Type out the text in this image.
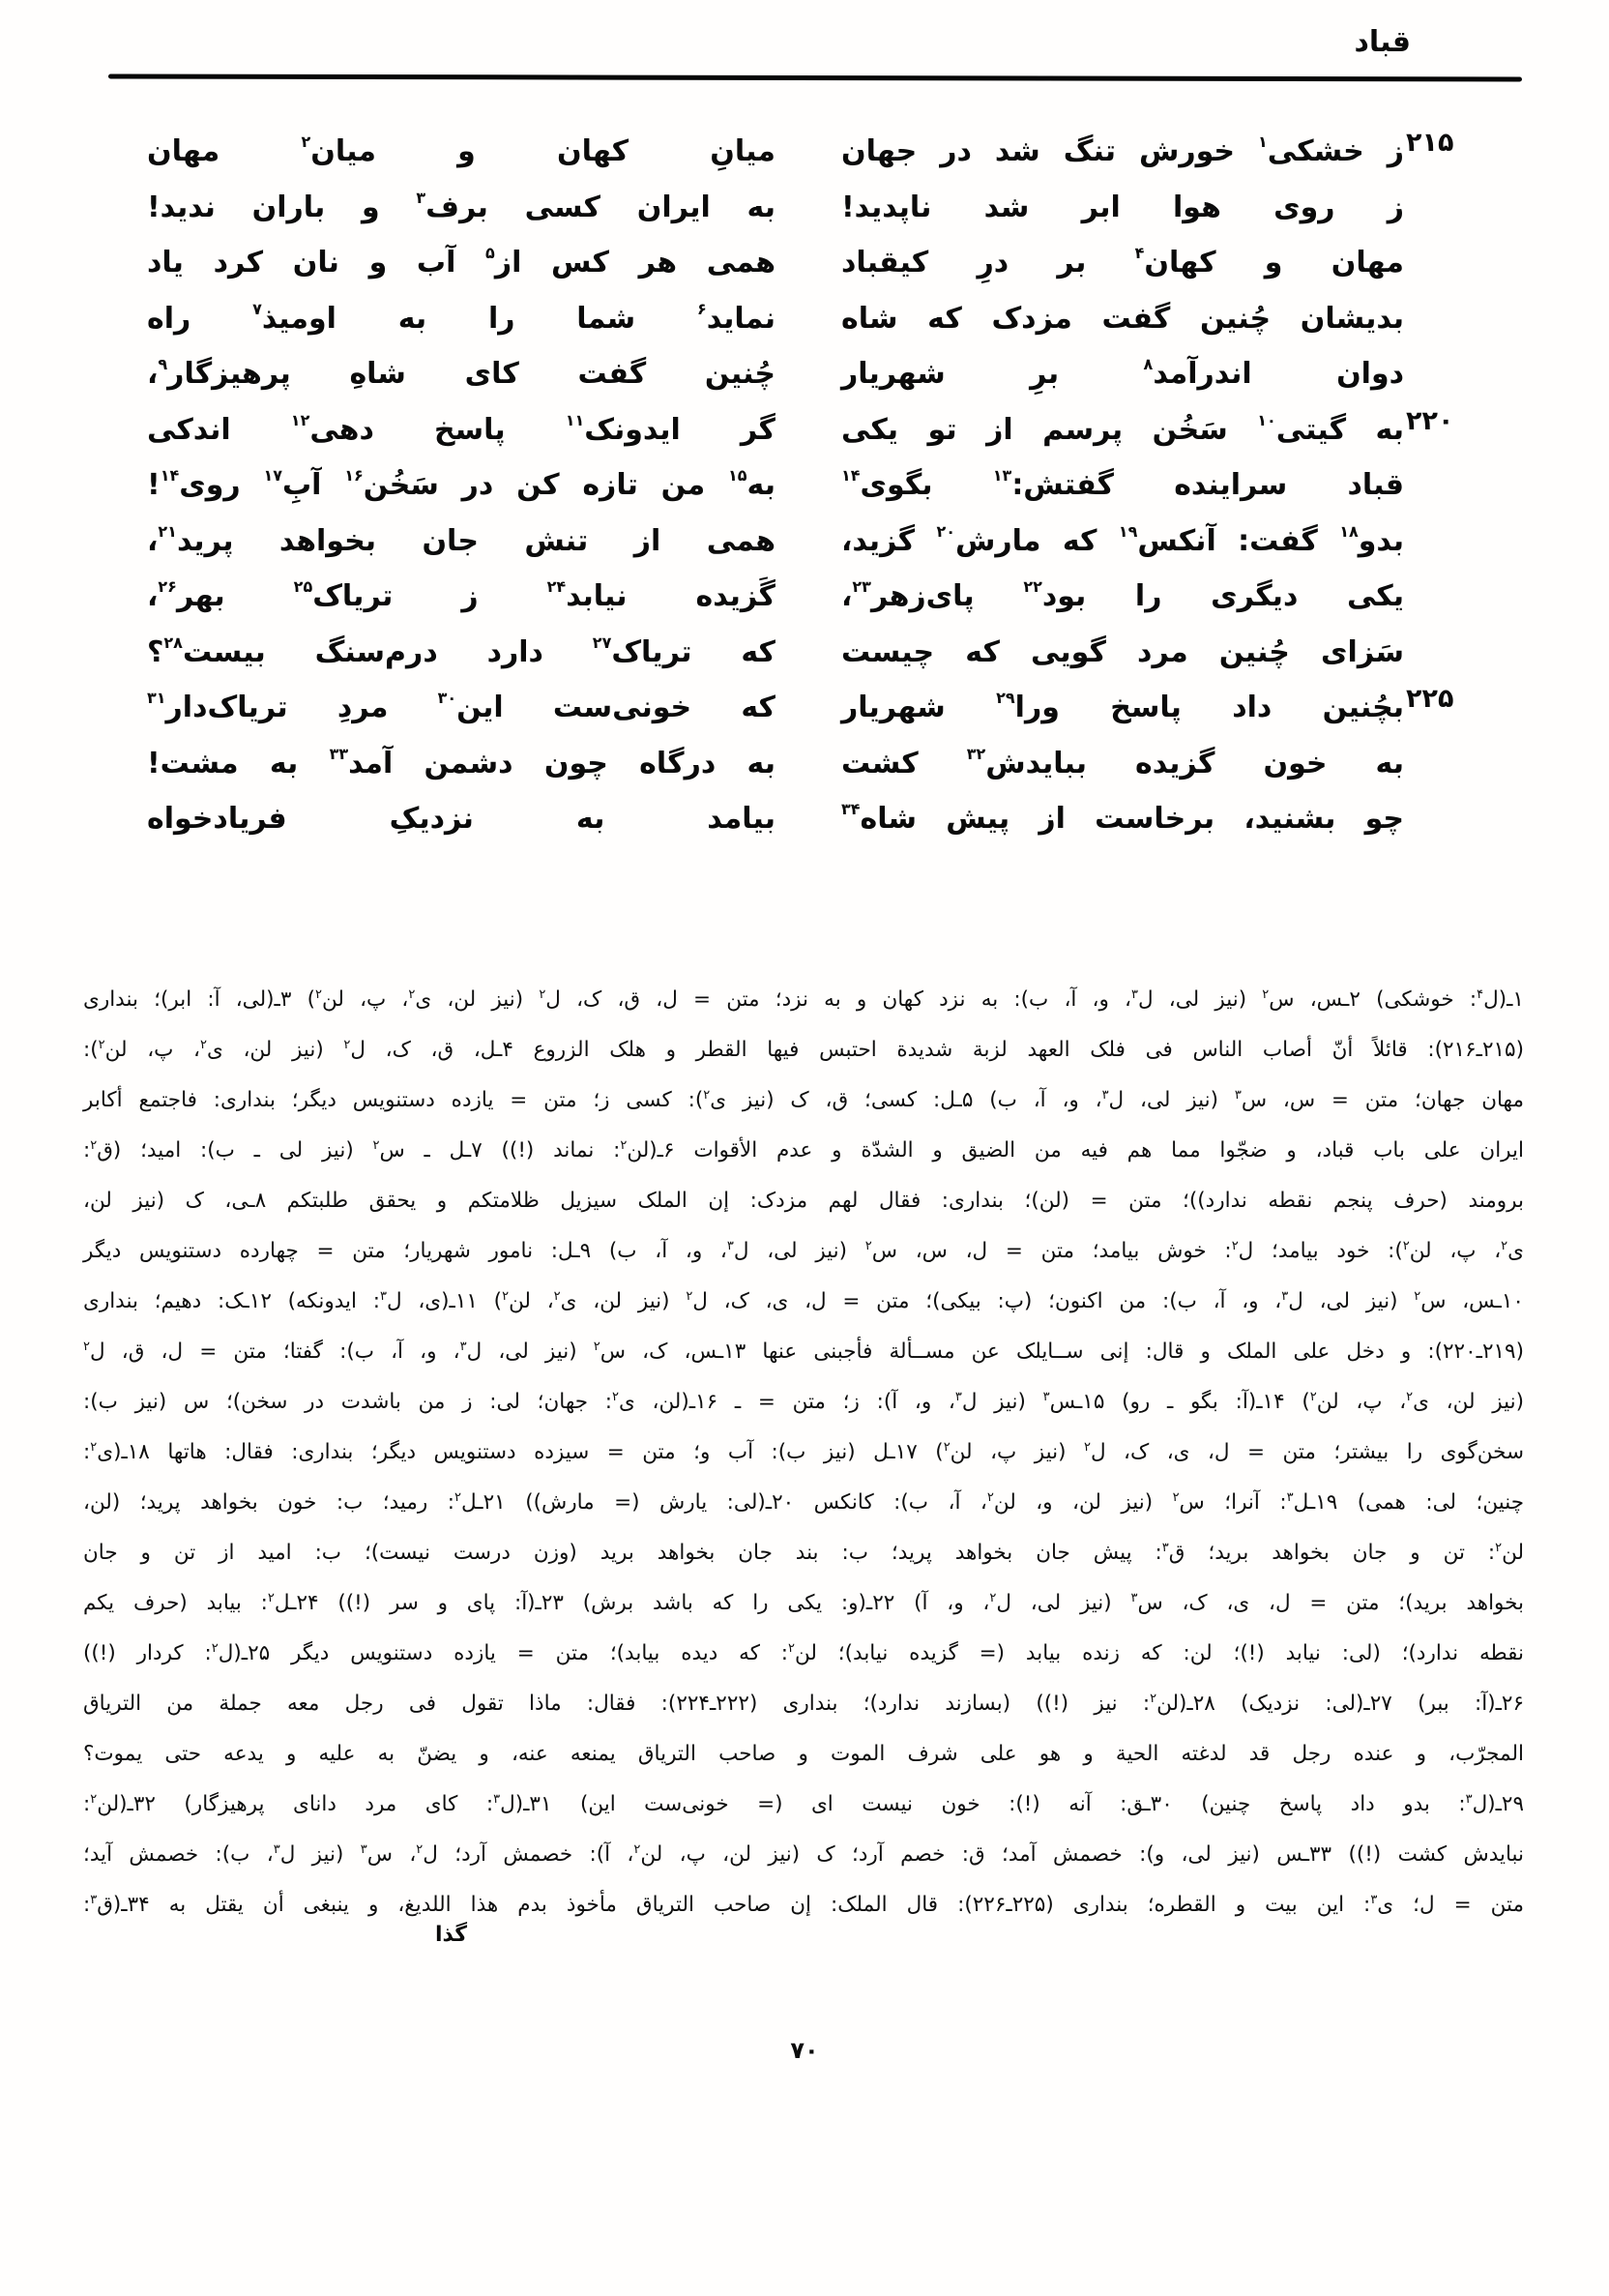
قباد
۲۱۵
۲۲۰
۲۲۵
ز خشکی$^۱$ خورش تنگ شد در جهان
ز روی هوا ابر شد ناپدید!
مهان و کهان$^۴$ بر درِ کیقباد
بدیشان چُنین گفت مزدک که شاه
دوان اندرآمد$^۸$ برِ شهریار
به گیتی$^{۱۰}$ سَخُن پرسم از تو یکی
قباد سراینده گفتش:$^{۱۳}$ بگوی$^{۱۴}$
بدو$^{۱۸}$ گفت: آنکس$^{۱۹}$ که مارش$^{۲۰}$ گزید،
یکی دیگری را بود$^{۲۲}$ پای‌زهر$^{۲۳}$،
سَزای چُنین مرد گویی که چیست
بچُنین داد پاسخ ورا$^{۲۹}$ شهریار
به خون گزیده ببایدش$^{۳۲}$ کشت
چو بشنید، برخاست از پیش شاه$^{۳۴}$
میانِ کهان و میان$^۲$ مهان
به ایران کسی برف$^۳$ و باران ندید!
همی هر کس از$^۵$ آب و نان کرد یاد
نماید$^۶$ شما را به اومیذ$^۷$ راه
چُنین گفت کای شاهِ پرهیزگار$^۹$،
گر ایدونک$^{۱۱}$ پاسخ دهی$^{۱۲}$ اندکی
به$^{۱۵}$ من تازه کن در سَخُن$^{۱۶}$ آبِ$^{۱۷}$ روی$^{۱۴}$!
همی از تنش جان بخواهد پرید$^{۲۱}$،
گَزیده نیابد$^{۲۴}$ ز تریاک$^{۲۵}$ بهر$^{۲۶}$،
که تریاک$^{۲۷}$ دارد درم‌سنگ بیست$^{۲۸}$؟
که خونی‌ست این$^{۳۰}$ مردِ تریاک‌دار$^{۳۱}$
به درگاه چون دشمن آمد$^{۳۳}$ به مشت!
بیامد به نزدیکِ فریادخواه
۱ـ(ل$^۴$: خوشکی) ۲ـس، س$^۲$ (نیز لی، ل$^۳$، و، آ، ب): به نزد کهان و به نزد؛ متن = ل، ق، ک، ل$^۲$ (نیز لن، ی$^۲$، پ، لن$^۲$) ۳ـ(لی، آ: ابر)؛ بنداری
(۲۱۵ـ۲۱۶): قائلاً أنّ أصاب الناس فی فلک العهد لزبة شدیدة احتبس فیها القطر و هلک الزروع ۴ـل، ق، ک، ل$^۲$ (نیز لن، ی$^۲$، پ، لن$^۲$):
مهان جهان؛ متن = س، س$^۳$ (نیز لی، ل$^۳$، و، آ، ب) ۵ـل: کسی؛ ق، ک (نیز ی$^۲$): کسی ز؛ متن = یازده دستنویس دیگر؛ بنداری: فاجتمع أکابر
ایران علی باب قباد، و ضجّوا مما هم فیه من الضیق و الشدّة و عدم الأقوات ۶ـ(لن$^۲$: نماند (!)) ۷ـل ـ س$^۲$ (نیز لی ـ ب): امید؛ (ق$^۲$:
برومند (حرف پنجم نقطه ندارد))؛ متن = (لن)؛ بنداری: فقال لهم مزدک: إن الملک سیزیل ظلامتکم و یحقق طلبتکم ۸ـی، ک (نیز لن،
ی$^۲$، پ، لن$^۲$): خود بیامد؛ ل$^۲$: خوش بیامد؛ متن = ل، س، س$^۲$ (نیز لی، ل$^۳$، و، آ، ب) ۹ـل: نامور شهریار؛ متن = چهارده دستنویس دیگر
۱۰ـس، س$^۲$ (نیز لی، ل$^۳$، و، آ، ب): من اکنون؛ (پ: بیکی)؛ متن = ل، ی، ک، ل$^۲$ (نیز لن، ی$^۲$، لن$^۲$) ۱۱ـ(ی، ل$^۳$: ایدونکه) ۱۲ـک: دهیم؛ بنداری
(۲۱۹ـ۲۲۰): و دخل علی الملک و قال: إنی ســایلک عن مســألة فأجبنی عنها ۱۳ـس، ک، س$^۲$ (نیز لی، ل$^۳$، و، آ، ب): گفتا؛ متن = ل، ق، ل$^۲$
(نیز لن، ی$^۲$، پ، لن$^۲$) ۱۴ـ(آ: بگو ـ رو) ۱۵ـس$^۳$ (نیز ل$^۳$، و، آ): ز؛ متن = ـ ۱۶ـ(لن، ی$^۲$: جهان؛ لی: ز من باشدت در سخن)؛ س (نیز ب):
سخن‌گوی را بیشتر؛ متن = ل، ی، ک، ل$^۲$ (نیز پ، لن$^۲$) ۱۷ـل (نیز ب): آب و؛ متن = سیزده دستنویس دیگر؛ بنداری: فقال: هاتها ۱۸ـ(ی$^۲$:
چنین؛ لی: همی) ۱۹ـل$^۳$: آنرا؛ س$^۲$ (نیز لن، و، لن$^۲$، آ، ب): کانکس ۲۰ـ(لی: یارش (= مارش)) ۲۱ـل$^۲$: رمید؛ ب: خون بخواهد پرید؛ (لن،
لن$^۲$: تن و جان بخواهد برید؛ ق$^۳$: پیش جان بخواهد پرید؛ ب: بند جان بخواهد برید (وزن درست نیست)؛ ب: امید از تن و جان
بخواهد برید)؛ متن = ل، ی، ک، س$^۳$ (نیز لی، ل$^۲$، و، آ) ۲۲ـ(و: یکی را که باشد برش) ۲۳ـ(آ: پای و سر (!)) ۲۴ـل$^۲$: بیابد (حرف یکم
نقطه ندارد)؛ (لی: نیابد (!)؛ لن: که زنده بیابد (= گزیده نیابد)؛ لن$^۲$: که دیده بیابد)؛ متن = یازده دستنویس دیگر ۲۵ـ(ل$^۲$: کردار (!))
۲۶ـ(آ: ببر) ۲۷ـ(لی: نزدیک) ۲۸ـ(لن$^۲$: نیز (!)) (بسازند ندارد)؛ بنداری (۲۲۲ـ۲۲۴): فقال: ماذا تقول فی رجل معه جملة من التریاق
المجرّب، و عنده رجل قد لدغته الحیة و هو علی شرف الموت و صاحب التریاق یمنعه عنه، و یضنّ به علیه و یدعه حتی یموت؟
۲۹ـ(ل$^۳$: بدو داد پاسخ چنین) ۳۰ـق: آنه (!): خون نیست ای (= خونی‌ست این) ۳۱ـ(ل$^۳$: کای مرد دانای پرهیزگار) ۳۲ـ(لن$^۲$:
نبایدش کشت (!)) ۳۳ـس (نیز لی، و): خصمش آمد؛ ق: خصم آرد؛ ک (نیز لن، پ، لن$^۲$، آ): خصمش آرد؛ ل$^۲$، س$^۳$ (نیز ل$^۳$، ب): خصمش آید؛
متن = ل؛ ی$^۳$: این بیت و القطره؛ بنداری (۲۲۵ـ۲۲۶): قال الملک: إن صاحب التریاق مأخوذ بدم هذا اللدیغ، و ینبغی أن یقتل به ۳۴ـ(ق$^۳$:
گذا
۷۰
